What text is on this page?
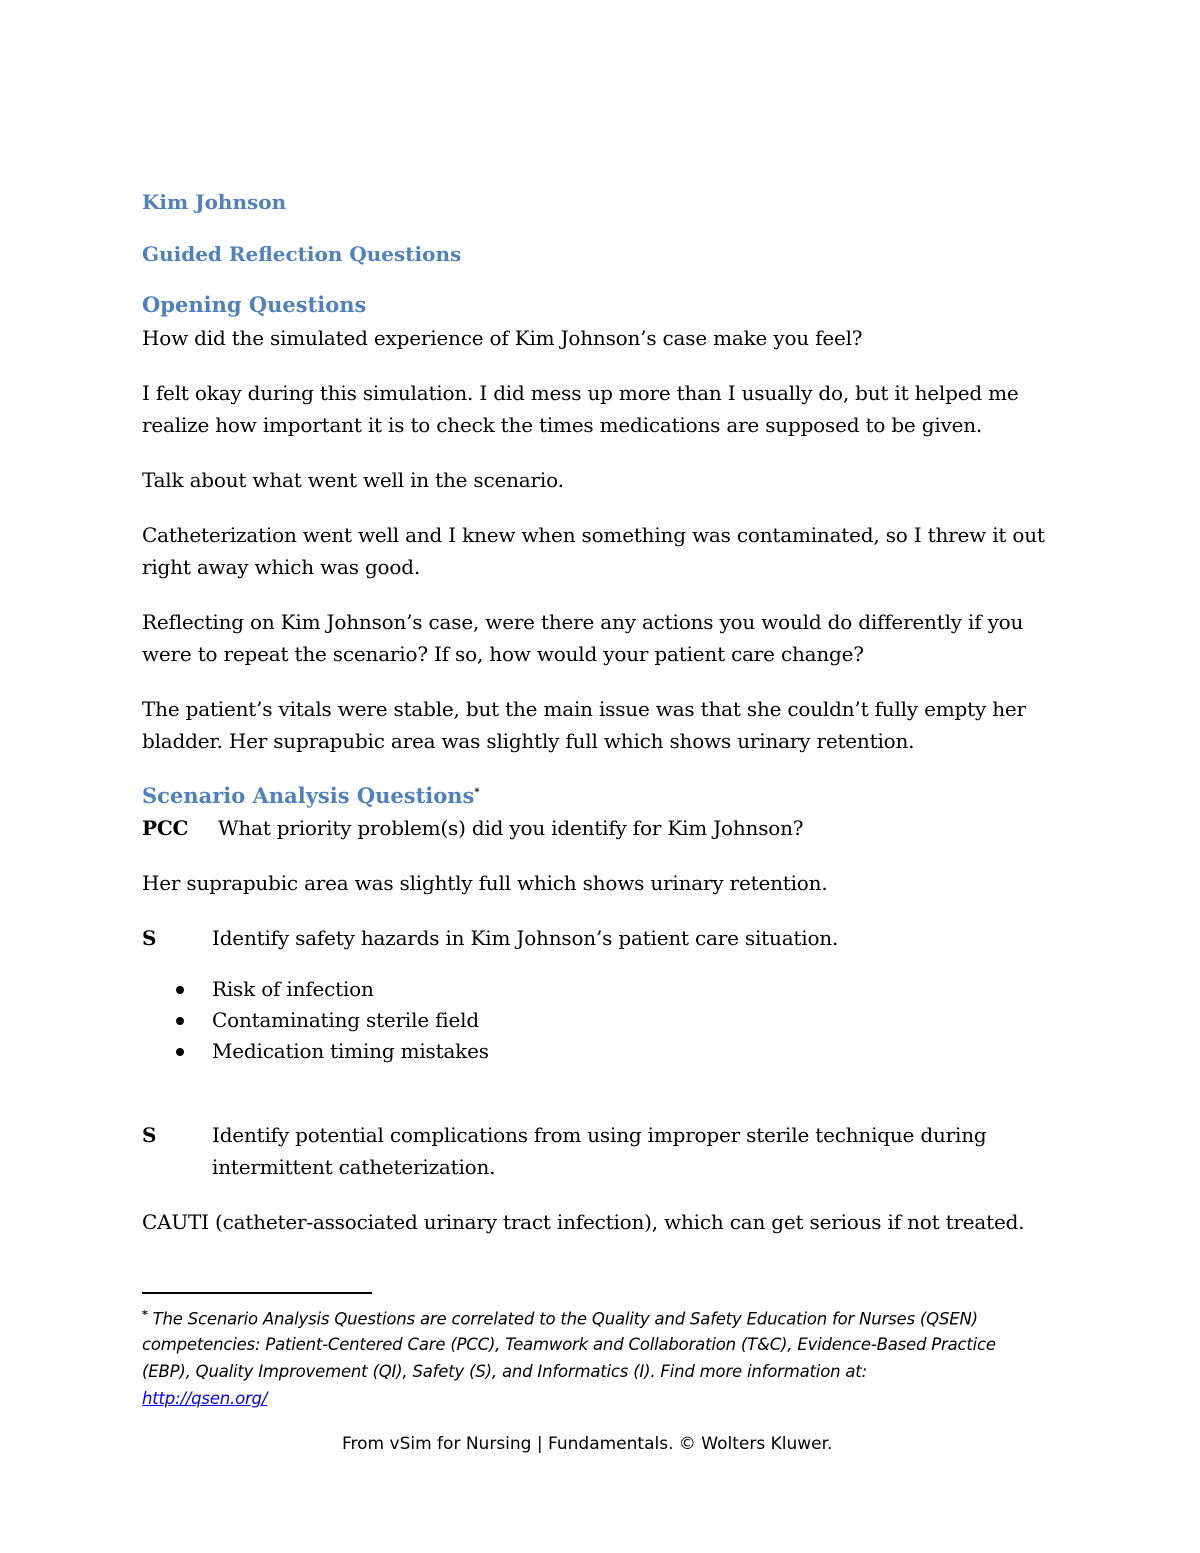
Kim Johnson
Guided Reflection Questions
Opening Questions
How did the simulated experience of Kim Johnson’s case make you feel?
I felt okay during this simulation. I did mess up more than I usually do, but it helped me
realize how important it is to check the times medications are supposed to be given.
Talk about what went well in the scenario.
Catheterization went well and I knew when something was contaminated, so I threw it out
right away which was good.
Reflecting on Kim Johnson’s case, were there any actions you would do differently if you
were to repeat the scenario? If so, how would your patient care change?
The patient’s vitals were stable, but the main issue was that she couldn’t fully empty her
bladder. Her suprapubic area was slightly full which shows urinary retention.
Scenario Analysis Questions*
PCC What priority problem(s) did you identify for Kim Johnson?
Her suprapubic area was slightly full which shows urinary retention.
S	Identify safety hazards in Kim Johnson’s patient care situation.
Risk of infection
Contaminating sterile field
Medication timing mistakes
S	Identify potential complications from using improper sterile technique during
intermittent catheterization.
CAUTI (catheter-associated urinary tract infection), which can get serious if not treated.
* The Scenario Analysis Questions are correlated to the Quality and Safety Education for Nurses (QSEN)
competencies: Patient-Centered Care (PCC), Teamwork and Collaboration (T&C), Evidence-Based Practice
(EBP), Quality Improvement (QI), Safety (S), and Informatics (I). Find more information at:
http://qsen.org/
From vSim for Nursing | Fundamentals. © Wolters Kluwer.
